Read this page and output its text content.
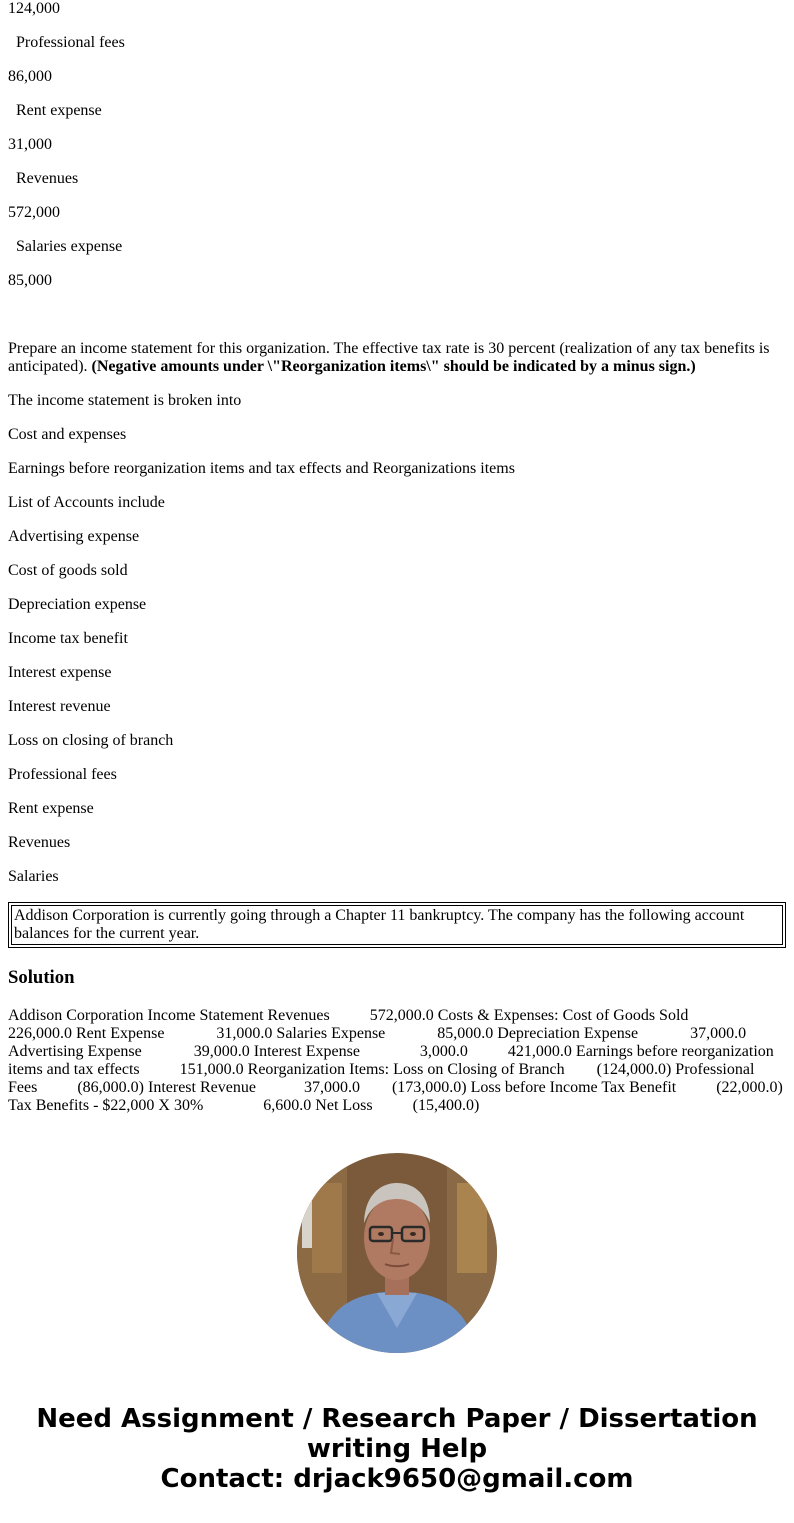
124,000

Professional fees

86,000

Rent expense

31,000

Revenues

572,000

Salaries expense

85,000

Prepare an income statement for this organization. The effective tax rate is 30 percent (realization of any tax benefits is anticipated). (Negative amounts under \"Reorganization items\" should be indicated by a minus sign.)

The income statement is broken into

Cost and expenses

Earnings before reorganization items and tax effects and Reorganizations items

List of Accounts include

Advertising expense

Cost of goods sold

Depreciation expense

Income tax benefit

Interest expense

Interest revenue

Loss on closing of branch

Professional fees

Rent expense

Revenues

Salaries

Addison Corporation is currently going through a Chapter 11 bankruptcy. The company has the following account balances for the current year.
Solution

Addison Corporation Income Statement Revenues          572,000.0 Costs & Expenses: Cost of Goods Sold            226,000.0 Rent Expense             31,000.0 Salaries Expense             85,000.0 Depreciation Expense             37,000.0 Advertising Expense             39,000.0 Interest Expense               3,000.0          421,000.0 Earnings before reorganization items and tax effects          151,000.0 Reorganization Items: Loss on Closing of Branch        (124,000.0) Professional Fees          (86,000.0) Interest Revenue            37,000.0        (173,000.0) Loss before Income Tax Benefit          (22,000.0) Tax Benefits - $22,000 X 30%               6,600.0 Net Loss          (15,400.0)

Need Assignment / Research Paper / Dissertation
writing Help
Contact: drjack9650@gmail.com
